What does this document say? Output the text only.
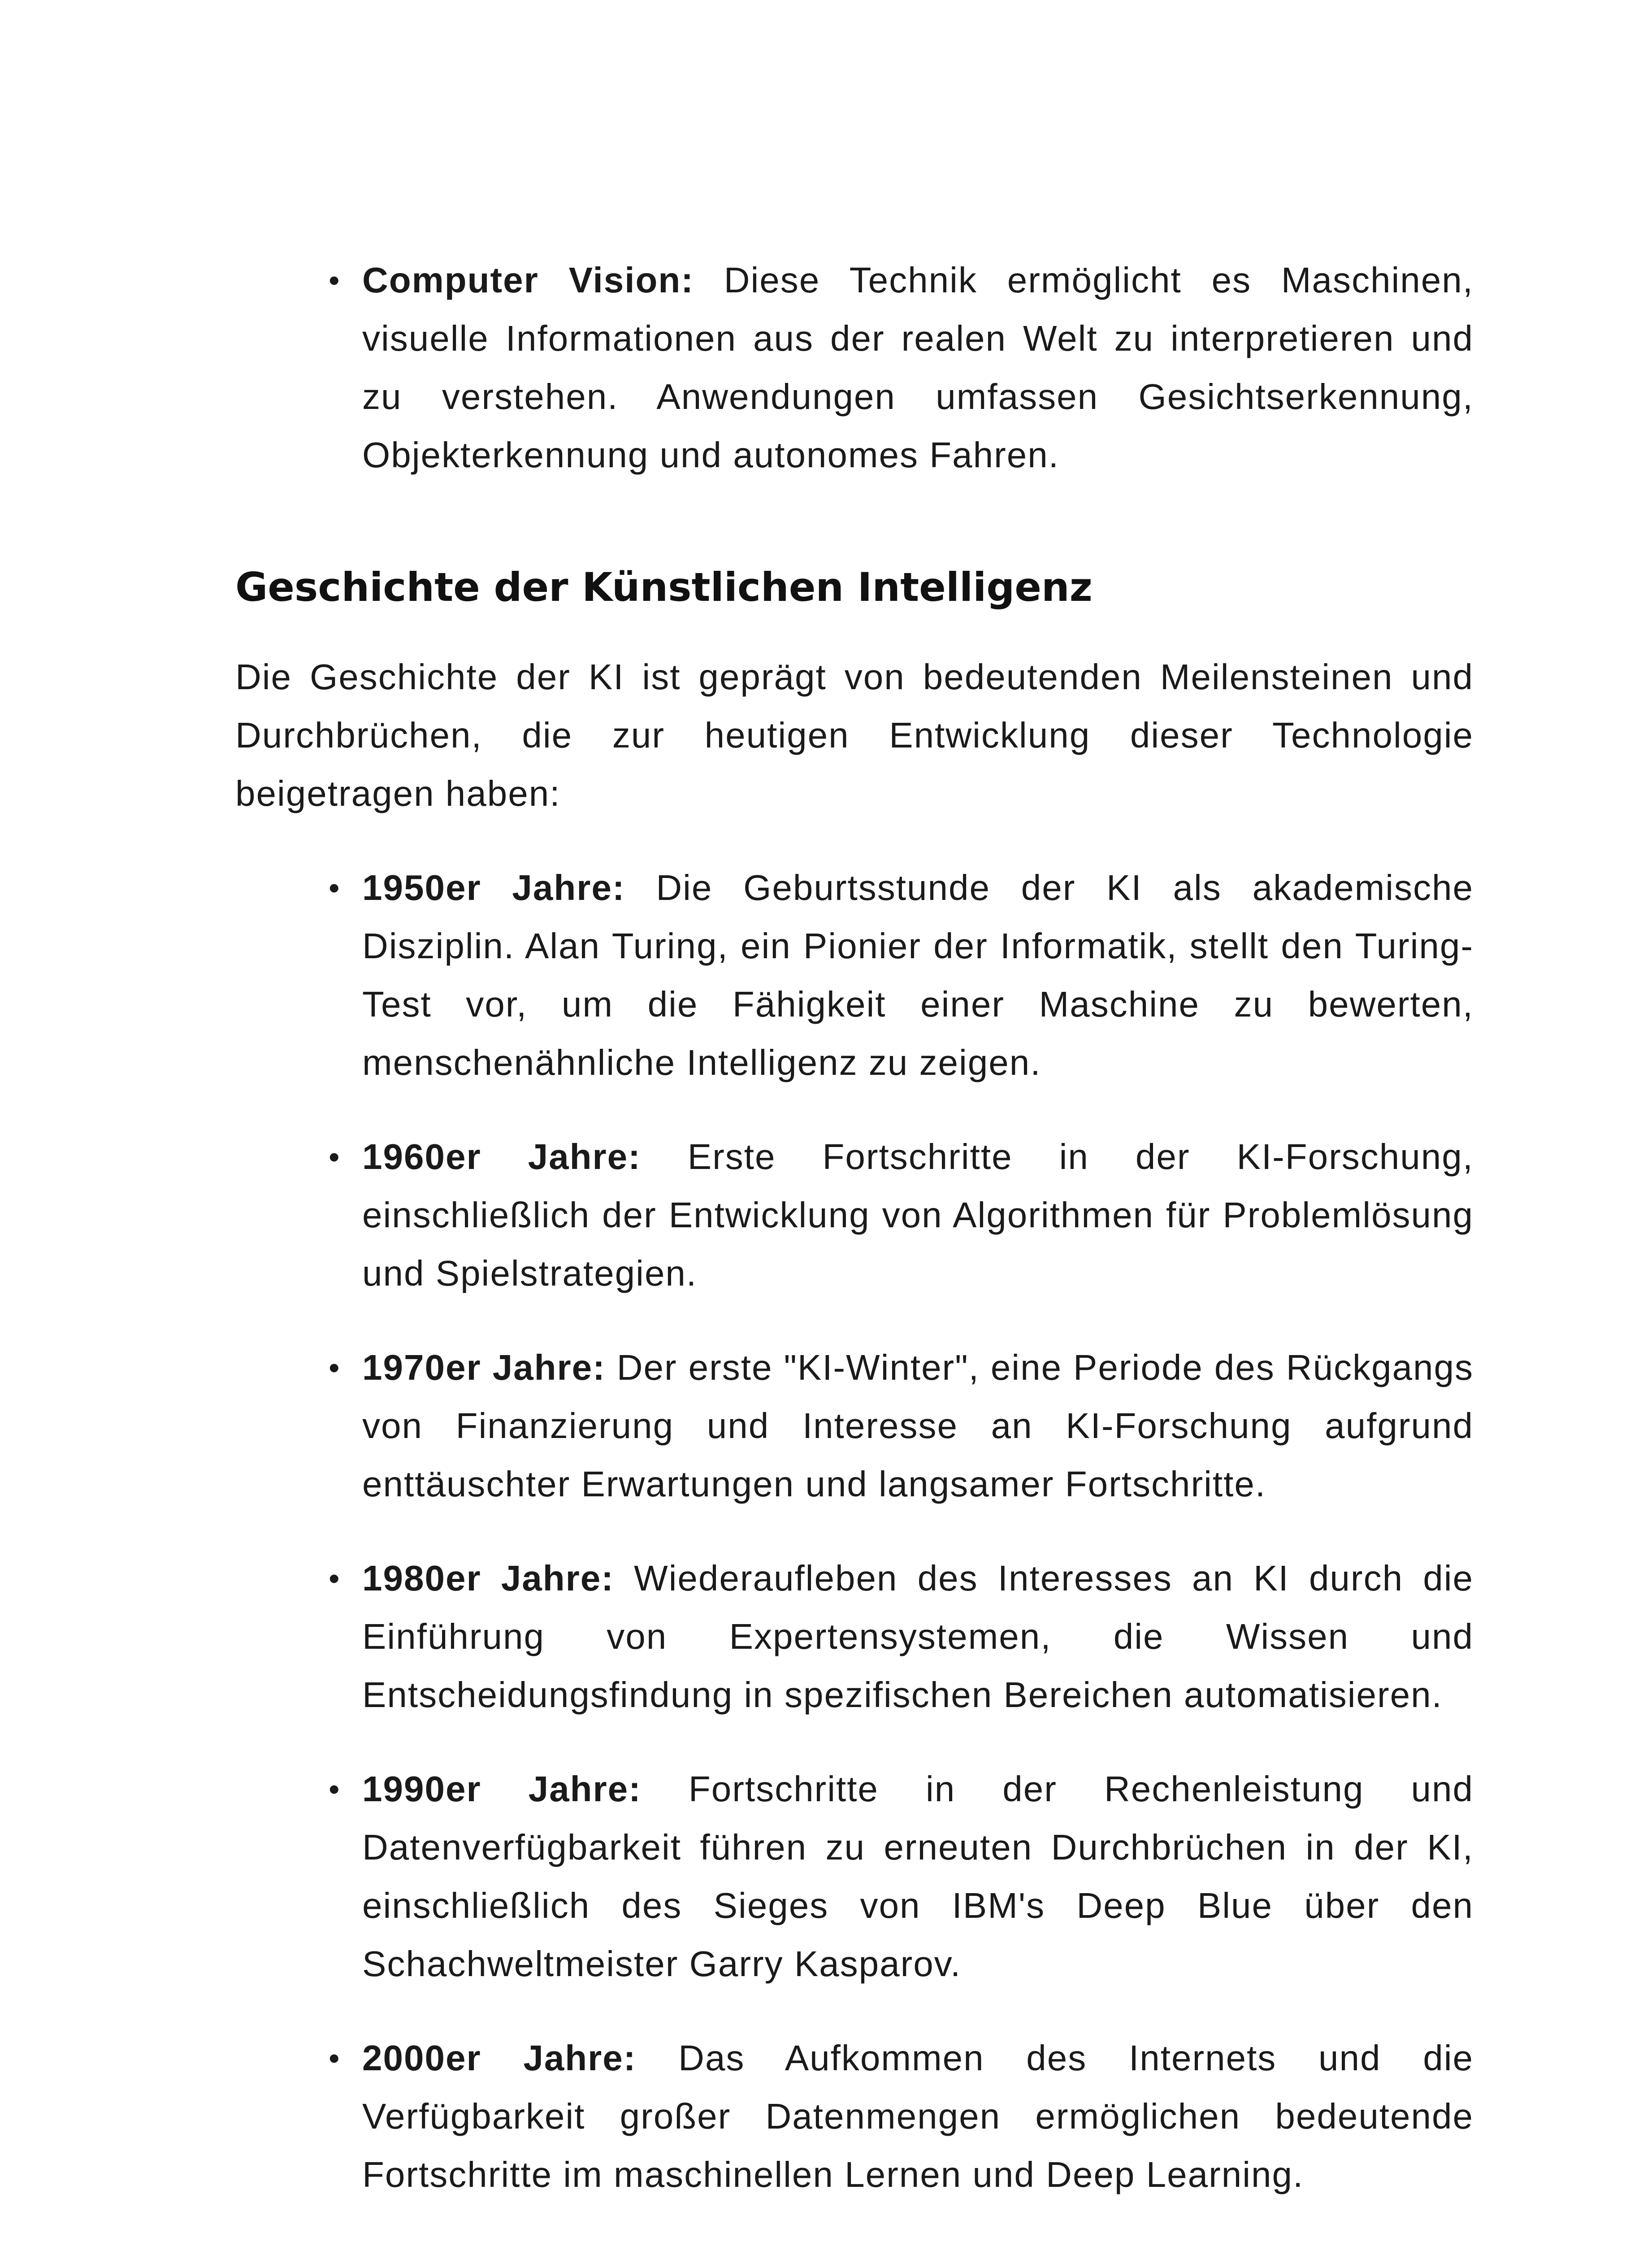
• Computer Vision: Diese Technik ermöglicht es Maschinen, visuelle Informationen aus der realen Welt zu interpretieren und zu verstehen. Anwendungen umfassen Gesichtserkennung, Objekterkennung und autonomes Fahren.
Geschichte der Künstlichen Intelligenz

Die Geschichte der KI ist geprägt von bedeutenden Meilensteinen und Durchbrüchen, die zur heutigen Entwicklung dieser Technologie beigetragen haben:

• 1950er Jahre: Die Geburtsstunde der KI als akademische Disziplin. Alan Turing, ein Pionier der Informatik, stellt den Turing-Test vor, um die Fähigkeit einer Maschine zu bewerten, menschenähnliche Intelligenz zu zeigen.
• 1960er Jahre: Erste Fortschritte in der KI-Forschung, einschließlich der Entwicklung von Algorithmen für Problemlösung und Spielstrategien.
• 1970er Jahre: Der erste "KI-Winter", eine Periode des Rückgangs von Finanzierung und Interesse an KI-Forschung aufgrund enttäuschter Erwartungen und langsamer Fortschritte.
• 1980er Jahre: Wiederaufleben des Interesses an KI durch die Einführung von Expertensystemen, die Wissen und Entscheidungsfindung in spezifischen Bereichen automatisieren.
• 1990er Jahre: Fortschritte in der Rechenleistung und Datenverfügbarkeit führen zu erneuten Durchbrüchen in der KI, einschließlich des Sieges von IBM's Deep Blue über den Schachweltmeister Garry Kasparov.
• 2000er Jahre: Das Aufkommen des Internets und die Verfügbarkeit großer Datenmengen ermöglichen bedeutende Fortschritte im maschinellen Lernen und Deep Learning.
